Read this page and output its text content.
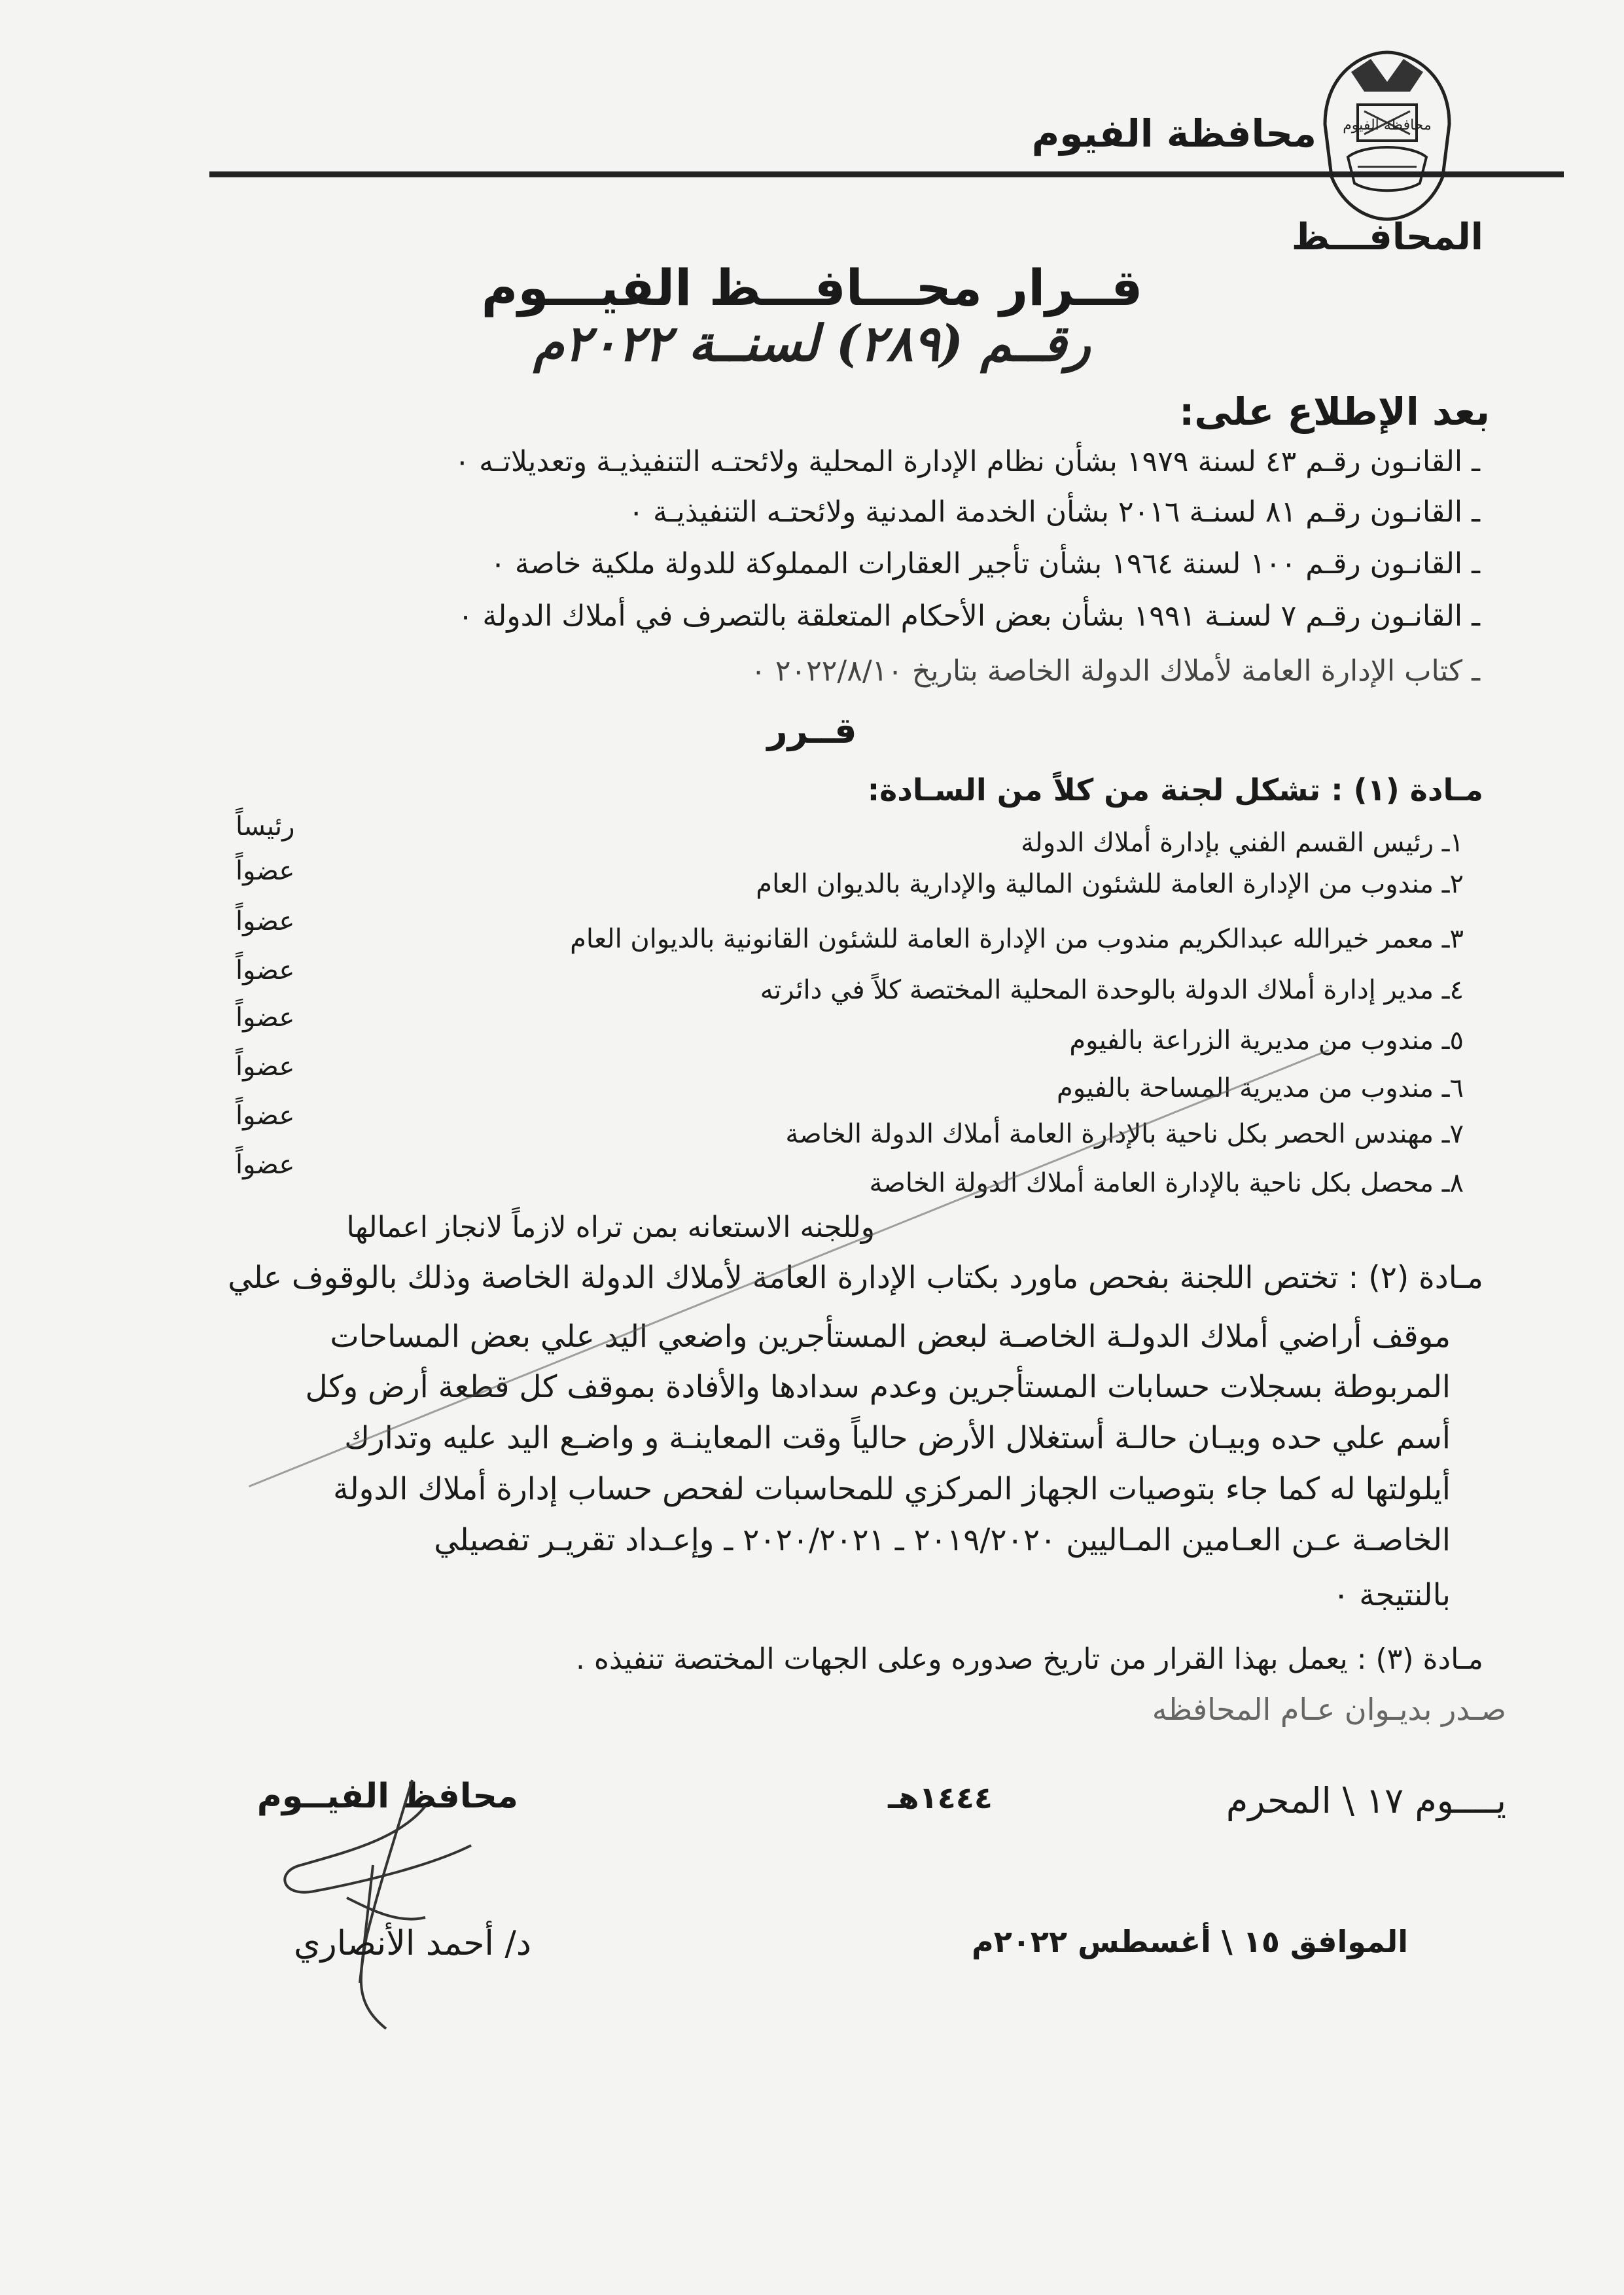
محافظة الفيوم
محافظة الفيوم
المحافـــظ
قــرار محـــافـــظ الفيـــوم
رقــم (٢٨٩) لسنــة ٢٠٢٢م
بعد الإطلاع على:
ـ القانـون رقـم ٤٣ لسنة ١٩٧٩ بشأن نظام الإدارة المحلية ولائحتـه التنفيذيـة وتعديلاتـه ٠
ـ القانـون رقـم ٨١ لسنـة ٢٠١٦ بشأن الخدمة المدنية ولائحتـه التنفيذيـة ٠
ـ القانـون رقـم ١٠٠ لسنة ١٩٦٤ بشأن تأجير العقارات المملوكة للدولة ملكية خاصة ٠
ـ القانـون رقـم ٧ لسنـة ١٩٩١ بشأن بعض الأحكام المتعلقة بالتصرف في أملاك الدولة ٠
ـ كتاب الإدارة العامة لأملاك الدولة الخاصة بتاريخ ٢٠٢٢/٨/١٠ ٠
قــرر
مـادة (١) : تشكل لجنة من كلاً من السـادة:
١ـ رئيس القسم الفني بإدارة أملاك الدولة
رئيساً
٢ـ مندوب من الإدارة العامة للشئون المالية والإدارية بالديوان العام
عضواً
٣ـ معمر خيرالله عبدالكريم مندوب من الإدارة العامة للشئون القانونية بالديوان العام
عضواً
٤ـ مدير إدارة أملاك الدولة بالوحدة المحلية المختصة كلاً في دائرته
عضواً
٥ـ مندوب من مديرية الزراعة بالفيوم
عضواً
٦ـ مندوب من مديرية المساحة بالفيوم
عضواً
٧ـ مهندس الحصر بكل ناحية بالإدارة العامة أملاك الدولة الخاصة
عضواً
٨ـ محصل بكل ناحية بالإدارة العامة أملاك الدولة الخاصة
عضواً
وللجنه الاستعانه بمن تراه لازماً لانجاز اعمالها
مـادة (٢) : تختص اللجنة بفحص ماورد بكتاب الإدارة العامة لأملاك الدولة الخاصة وذلك بالوقوف علي
موقف أراضي أملاك الدولـة الخاصـة لبعض المستأجرين واضعي اليد علي بعض المساحات
المربوطة بسجلات حسابات المستأجرين وعدم سدادها والأفادة بموقف كل قطعة أرض وكل
أسم علي حده وبيـان حالـة أستغلال الأرض حالياً وقت المعاينـة و واضـع اليد عليه وتدارك
أيلولتها له كما جاء بتوصيات الجهاز المركزي للمحاسبات لفحص حساب إدارة أملاك الدولة
الخاصـة عـن العـامين المـاليين ٢٠١٩/٢٠٢٠ ـ ٢٠٢٠/٢٠٢١ ـ وإعـداد تقريـر تفصيلي
بالنتيجة ٠
مـادة (٣) : يعمل بهذا القرار من تاريخ صدوره وعلى الجهات المختصة تنفيذه .
صـدر بديـوان عـام المحافظه
محافظ الفيــوم	يــــوم ١٧ \ المحرم
١٤٤٤هـ
د/ أحمد الأنصاري	الموافق ١٥ \ أغسطس ٢٠٢٢م
